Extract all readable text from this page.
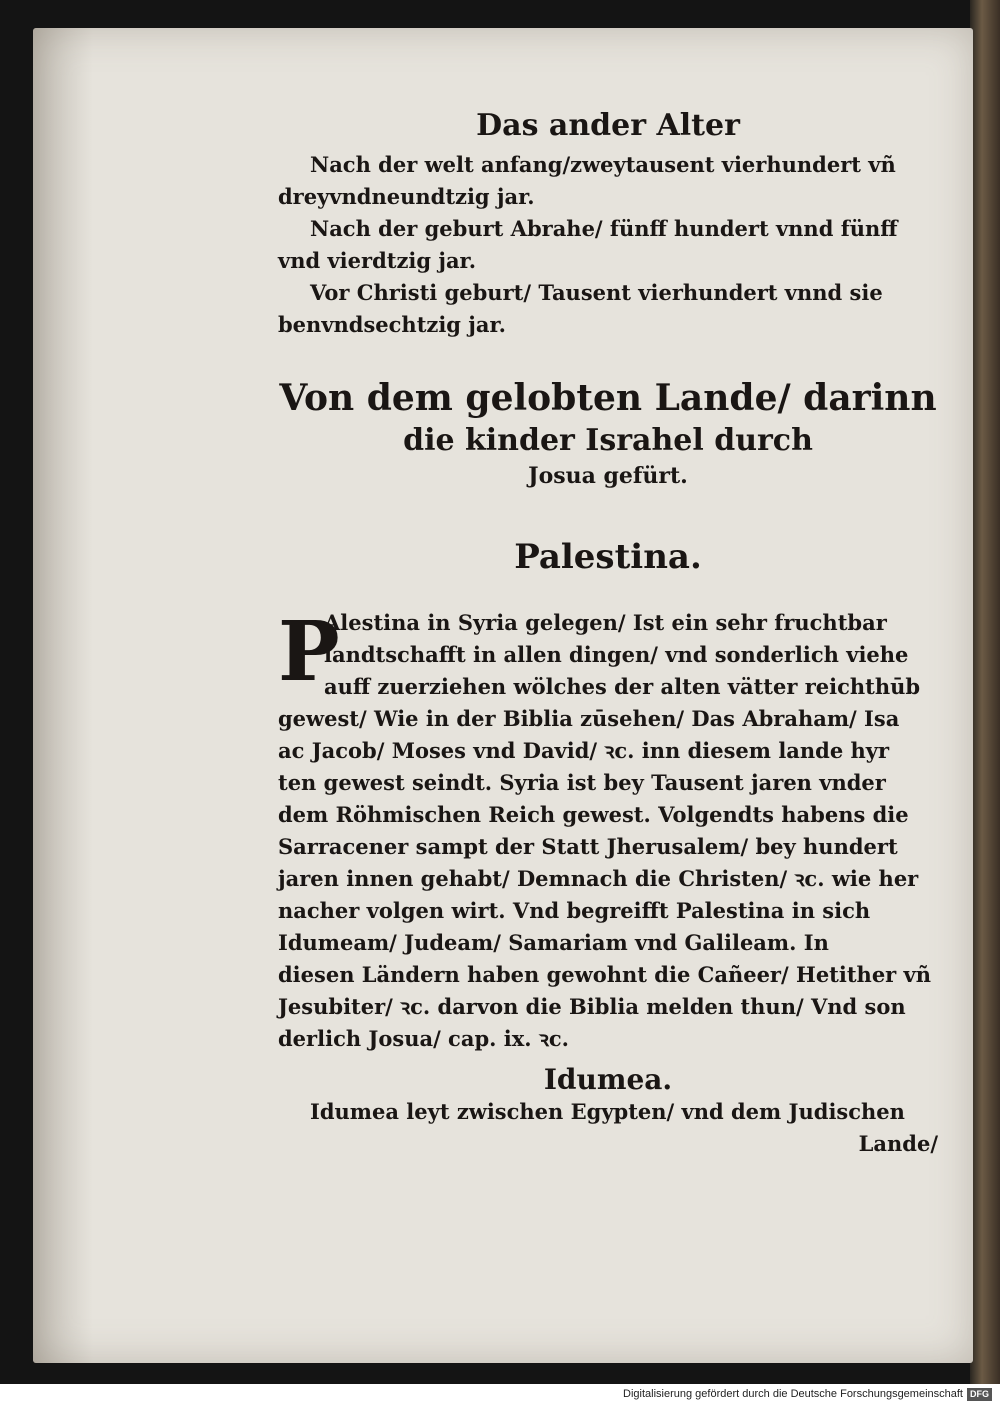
Das ander Alter

Nach der welt anfang/zweytausent vierhundert vñ

dreyvndneundtzig jar.

Nach der geburt Abrahe/ fünff hundert vnnd fünff

vnd vierdtzig jar.

Vor Christi geburt/ Tausent vierhundert vnnd sie

benvndsechtzig jar.

Von dem gelobten Lande/ darinn
die kinder Israhel durch
Josua gefürt.
Palestina.
P

Alestina in Syria gelegen/ Ist ein sehr fruchtbar

landtschafft in allen dingen/ vnd sonderlich viehe

auff zuerziehen wölches der alten vätter reichthūb

gewest/ Wie in der Biblia zūsehen/ Das Abraham/ Isa

ac Jacob/ Moses vnd David/ ꝛc. inn diesem lande hyr

ten gewest seindt. Syria ist bey Tausent jaren vnder

dem Röhmischen Reich gewest. Volgendts habens die

Sarracener sampt der Statt Jherusalem/ bey hundert

jaren innen gehabt/ Demnach die Christen/ ꝛc. wie her

nacher volgen wirt. Vnd begreifft Palestina in sich

Idumeam/ Judeam/ Samariam vnd Galileam. In

diesen Ländern haben gewohnt die Cañeer/ Hetither vñ

Jesubiter/ ꝛc. darvon die Biblia melden thun/ Vnd son

derlich Josua/ cap. ix. ꝛc.

Idumea.

Idumea leyt zwischen Egypten/ vnd dem Judischen

Lande/

Digitalisierung gefördert durch die Deutsche Forschungsgemeinschaft DFG
